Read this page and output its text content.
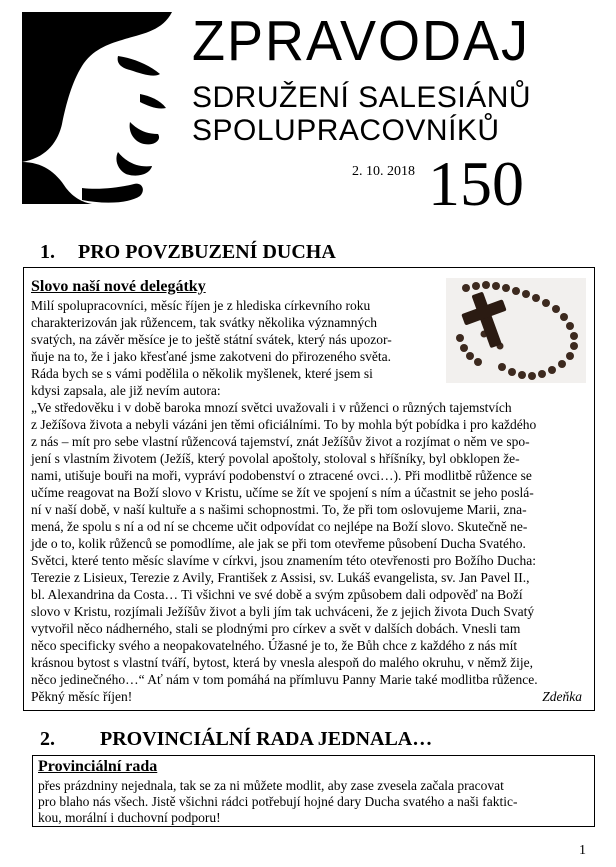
ZPRAVODAJ
SDRUŽENÍ SALESIÁNŮ
SPOLUPRACOVNÍKŮ
2. 10. 2018 150
1. PRO POVZBUZENÍ DUCHA
Slovo naší nové delegátky
Milí spolupracovníci, měsíc říjen je z hlediska církevního roku
charakterizován jak růžencem, tak svátky několika významných
svatých, na závěr měsíce je to ještě státní svátek, který nás upozor-
ňuje na to, že i jako křesťané jsme zakotveni do přirozeného světa.
Ráda bych se s vámi podělila o několik myšlenek, které jsem si
kdysi zapsala, ale již nevím autora:
„Ve středověku i v době baroka mnozí světci uvažovali i v růženci o různých tajemstvích
z Ježíšova života a nebyli vázáni jen těmi oficiálními. To by mohla být pobídka i pro každého
z nás – mít pro sebe vlastní růžencová tajemství, znát Ježíšův život a rozjímat o něm ve spo-
jení s vlastním životem (Ježíš, který povolal apoštoly, stoloval s hříšníky, byl obklopen že-
nami, utišuje bouři na moři, vypráví podobenství o ztracené ovci…). Při modlitbě růžence se
učíme reagovat na Boží slovo v Kristu, učíme se žít ve spojení s ním a účastnit se jeho poslá-
ní v naší době, v naší kultuře a s našimi schopnostmi. To, že při tom oslovujeme Marii, zna-
mená, že spolu s ní a od ní se chceme učit odpovídat co nejlépe na Boží slovo. Skutečně ne-
jde o to, kolik růženců se pomodlíme, ale jak se při tom otevřeme působení Ducha Svatého.
Světci, které tento měsíc slavíme v církvi, jsou znamením této otevřenosti pro Božího Ducha:
Terezie z Lisieux, Terezie z Avily, František z Assisi, sv. Lukáš evangelista, sv. Jan Pavel II.,
bl. Alexandrina da Costa… Ti všichni ve své době a svým způsobem dali odpověď na Boží
slovo v Kristu, rozjímali Ježíšův život a byli jím tak uchváceni, že z jejich života Duch Svatý
vytvořil něco nádherného, stali se plodnými pro církev a svět v dalších dobách. Vnesli tam
něco specificky svého a neopakovatelného. Úžasné je to, že Bůh chce z každého z nás mít
krásnou bytost s vlastní tváří, bytost, která by vnesla alespoň do malého okruhu, v němž žije,
něco jedinečného…“ Ať nám v tom pomáhá na přímluvu Panny Marie také modlitba růžence.
Pěkný měsíc říjen!	Zdeňka
2. PROVINCIÁLNÍ RADA JEDNALA…
Provinciální rada
přes prázdniny nejednala, tak se za ni můžete modlit, aby zase zvesela začala pracovat
pro blaho nás všech. Jistě všichni rádci potřebují hojné dary Ducha svatého a naši faktic-
kou, morální i duchovní podporu!
1
